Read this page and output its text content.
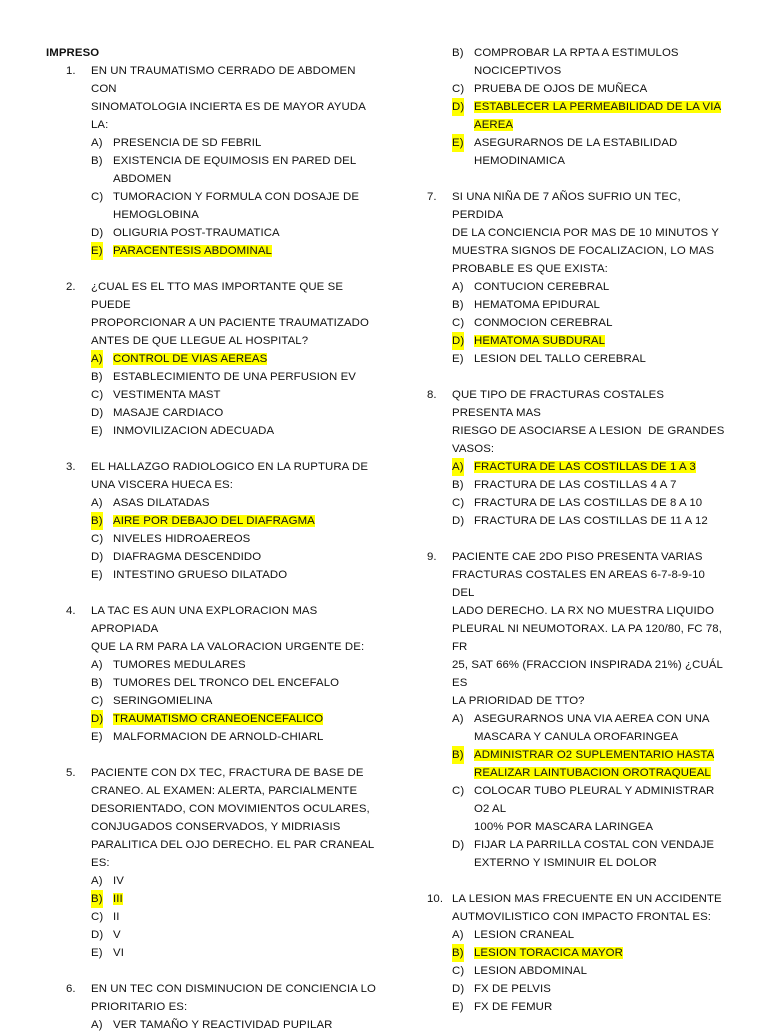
IMPRESO
1. EN UN TRAUMATISMO CERRADO DE ABDOMEN CON
SINOMATOLOGIA INCIERTA ES DE MAYOR AYUDA LA:
A) PRESENCIA DE SD FEBRIL
B) EXISTENCIA DE EQUIMOSIS EN PARED DEL
ABDOMEN
C) TUMORACION Y FORMULA CON DOSAJE DE
HEMOGLOBINA
D) OLIGURIA POST-TRAUMATICA
E) PARACENTESIS ABDOMINAL
2. ¿CUAL ES EL TTO MAS IMPORTANTE QUE SE PUEDE
PROPORCIONAR A UN PACIENTE TRAUMATIZADO
ANTES DE QUE LLEGUE AL HOSPITAL?
A) CONTROL DE VIAS AEREAS
B) ESTABLECIMIENTO DE UNA PERFUSION EV
C) VESTIMENTA MAST
D) MASAJE CARDIACO
E) INMOVILIZACION ADECUADA
3. EL HALLAZGO RADIOLOGICO EN LA RUPTURA DE
UNA VISCERA HUECA ES:
A) ASAS DILATADAS
B) AIRE POR DEBAJO DEL DIAFRAGMA
C) NIVELES HIDROAEREOS
D) DIAFRAGMA DESCENDIDO
E) INTESTINO GRUESO DILATADO
4. LA TAC ES AUN UNA EXPLORACION MAS APROPIADA
QUE LA RM PARA LA VALORACION URGENTE DE:
A) TUMORES MEDULARES
B) TUMORES DEL TRONCO DEL ENCEFALO
C) SERINGOMIELINA
D) TRAUMATISMO CRANEOENCEFALICO
E) MALFORMACION DE ARNOLD-CHIARL
5. PACIENTE CON DX TEC, FRACTURA DE BASE DE
CRANEO. AL EXAMEN: ALERTA, PARCIALMENTE
DESORIENTADO, CON MOVIMIENTOS OCULARES,
CONJUGADOS CONSERVADOS, Y MIDRIASIS
PARALITICA DEL OJO DERECHO. EL PAR CRANEAL ES:
A) IV
B) III
C) II
D) V
E) VI
6. EN UN TEC CON DISMINUCION DE CONCIENCIA LO
PRIORITARIO ES:
A) VER TAMAÑO Y REACTIVIDAD PUPILAR
B) COMPROBAR LA RPTA A ESTIMULOS
NOCICEPTIVOS
C) PRUEBA DE OJOS DE MUÑECA
D) ESTABLECER LA PERMEABILIDAD DE LA VIA
AEREA
E) ASEGURARNOS DE LA ESTABILIDAD
HEMODINAMICA
7. SI UNA NIÑA DE 7 AÑOS SUFRIO UN TEC, PERDIDA
DE LA CONCIENCIA POR MAS DE 10 MINUTOS Y
MUESTRA SIGNOS DE FOCALIZACION, LO MAS
PROBABLE ES QUE EXISTA:
A) CONTUCION CEREBRAL
B) HEMATOMA EPIDURAL
C) CONMOCION CEREBRAL
D) HEMATOMA SUBDURAL
E) LESION DEL TALLO CEREBRAL
8. QUE TIPO DE FRACTURAS COSTALES PRESENTA MAS
RIESGO DE ASOCIARSE A LESION  DE GRANDES
VASOS:
A) FRACTURA DE LAS COSTILLAS DE 1 A 3
B) FRACTURA DE LAS COSTILLAS 4 A 7
C) FRACTURA DE LAS COSTILLAS DE 8 A 10
D) FRACTURA DE LAS COSTILLAS DE 11 A 12
9. PACIENTE CAE 2DO PISO PRESENTA VARIAS
FRACTURAS COSTALES EN AREAS 6-7-8-9-10 DEL
LADO DERECHO. LA RX NO MUESTRA LIQUIDO
PLEURAL NI NEUMOTORAX. LA PA 120/80, FC 78, FR
25, SAT 66% (FRACCION INSPIRADA 21%) ¿CUÁL ES
LA PRIORIDAD DE TTO?
A) ASEGURARNOS UNA VIA AEREA CON UNA
MASCARA Y CANULA OROFARINGEA
B) ADMINISTRAR O2 SUPLEMENTARIO HASTA
REALIZAR LAINTUBACION OROTRAQUEAL
C) COLOCAR TUBO PLEURAL Y ADMINISTRAR O2 AL
100% POR MASCARA LARINGEA
D) FIJAR LA PARRILLA COSTAL CON VENDAJE
EXTERNO Y ISMINUIR EL DOLOR
10. LA LESION MAS FRECUENTE EN UN ACCIDENTE
AUTMOVILISTICO CON IMPACTO FRONTAL ES:
A) LESION CRANEAL
B) LESION TORACICA MAYOR
C) LESION ABDOMINAL
D) FX DE PELVIS
E) FX DE FEMUR
